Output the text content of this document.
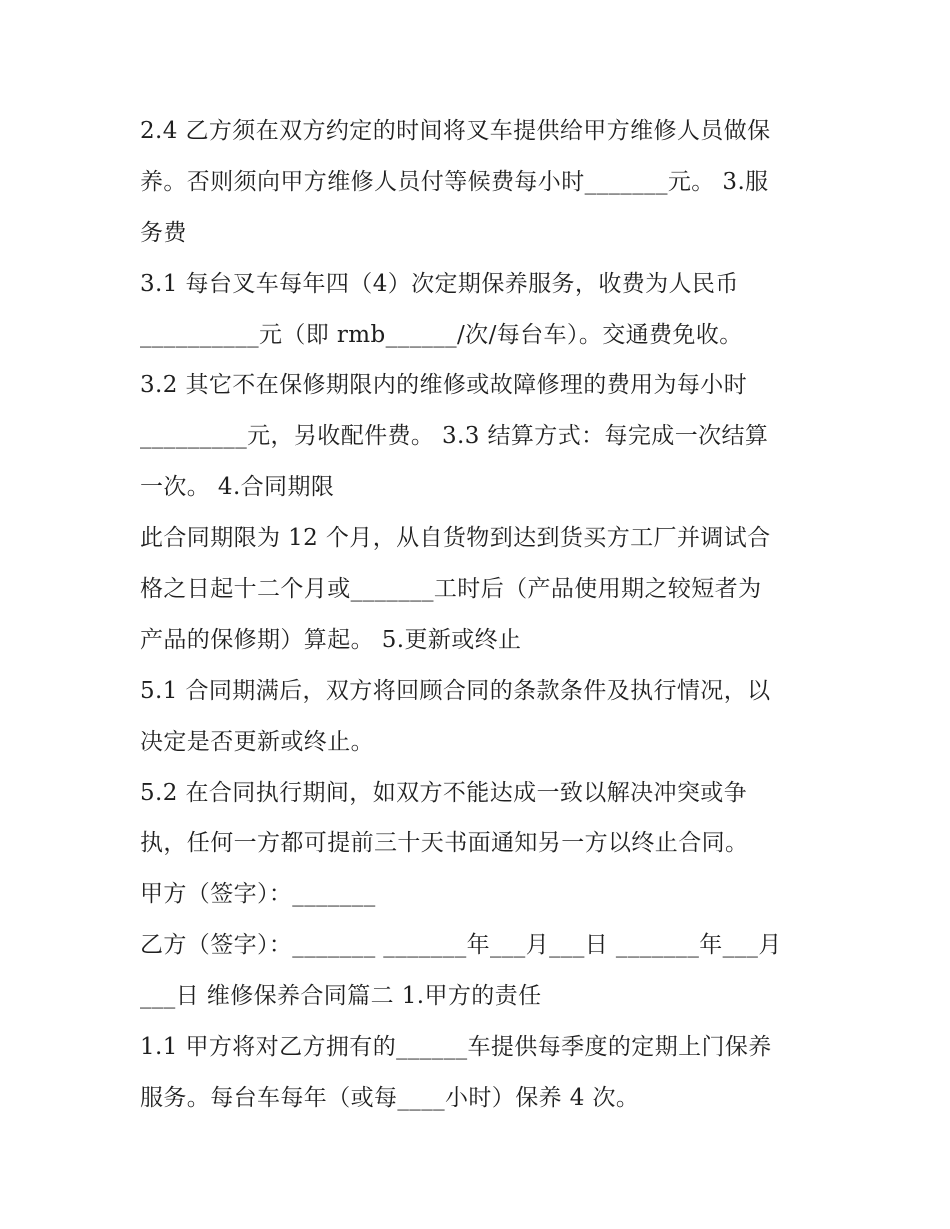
2.4 乙方须在双方约定的时间将叉车提供给甲方维修人员做保
养。否则须向甲方维修人员付等候费每小时_______元。 3.服
务费
3.1 每台叉车每年四（4）次定期保养服务，收费为人民币
__________元（即 rmb______/次/每台车）。交通费免收。
3.2 其它不在保修期限内的维修或故障修理的费用为每小时
_________元，另收配件费。 3.3 结算方式：每完成一次结算
一次。 4.合同期限
此合同期限为 12 个月，从自货物到达到货买方工厂并调试合
格之日起十二个月或_______工时后（产品使用期之较短者为
产品的保修期）算起。 5.更新或终止
5.1 合同期满后，双方将回顾合同的条款条件及执行情况，以
决定是否更新或终止。
5.2 在合同执行期间，如双方不能达成一致以解决冲突或争
执，任何一方都可提前三十天书面通知另一方以终止合同。
甲方（签字）：_______
乙方（签字）：_______ _______年___月___日 _______年___月
___日 维修保养合同篇二 1.甲方的责任
1.1 甲方将对乙方拥有的______车提供每季度的定期上门保养
服务。每台车每年（或每____小时）保养 4 次。
